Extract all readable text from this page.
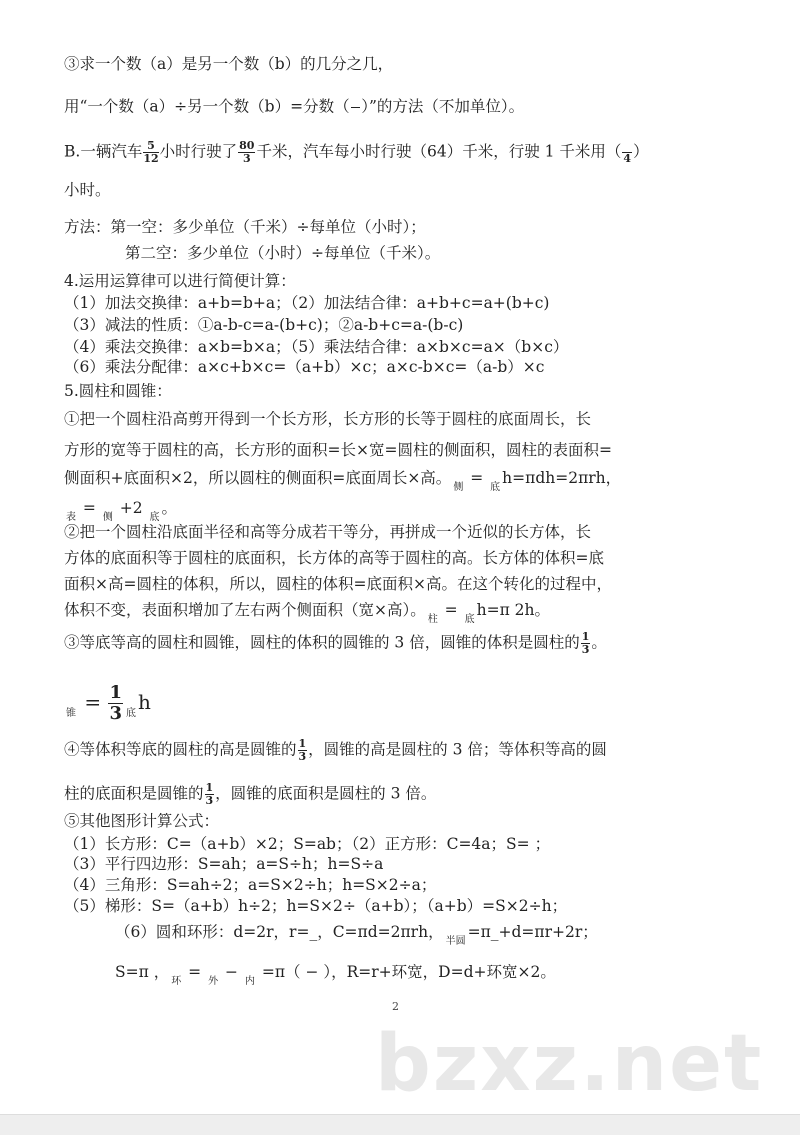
③求一个数（a）是另一个数（b）的几分之几，
用“一个数（a）÷另一个数（b）=分数（

）”的方法（不加单位）。
B.一辆汽车 $\frac{5}{12}$ 小时行驶了 $\frac{80}{3}$ 千米，汽车每小时行驶（64）千米，行驶 1 千米用（
4 ）
小时。
方法：第一空：多少单位（千米）÷每单位（小时）；
第二空：多少单位（小时）÷每单位（千米）。
4.运用运算律可以进行简便计算：
（1）加法交换律：a+b=b+a；（2）加法结合律：a+b+c=a+(b+c)
（3）减法的性质：①a-b-c=a-(b+c)；②a-b+c=a-(b-c)
（4）乘法交换律：a×b=b×a；（5）乘法结合律：a×b×c=a×（b×c）
（6）乘法分配律：a×c+b×c=（a+b）×c；a×c-b×c=（a-b）×c
5.圆柱和圆锥：
①把一个圆柱沿高剪开得到一个长方形，长方形的长等于圆柱的底面周长，长
方形的宽等于圆柱的高，长方形的面积=长×宽=圆柱的侧面积，圆柱的表面积=
侧面积+底面积×2，所以圆柱的侧面积=底面周长×高。$_侧$ = $_底$h=πdh=2πrh，
$_表$ = $_侧$ +2 $_底$。
②把一个圆柱沿底面半径和高等分成若干等分，再拼成一个近似的长方体，长
方体的底面积等于圆柱的底面积，长方体的高等于圆柱的高。长方体的体积=底
面积×高=圆柱的体积，所以，圆柱的体积=底面积×高。在这个转化的过程中，
体积不变，表面积增加了左右两个侧面积（宽×高）。$_柱$ = $_底$h=π 2h。
③等底等高的圆柱和圆锥，圆柱的体积的圆锥的 3 倍，圆锥的体积是圆柱的 $\frac{1}{3}$ 。
$_锥 = \frac{1}{3} _底$ h
④等体积等底的圆柱的高是圆锥的 $\frac{1}{3}$ ，圆锥的高是圆柱的 3 倍；等体积等高的圆
柱的底面积是圆锥的 $\frac{1}{3}$ ，圆锥的底面积是圆柱的 3 倍。
⑤其他图形计算公式：
（1）长方形：C=（a+b）×2；S=ab；（2）正方形：C=4a；S= ；
（3）平行四边形：S=ah；a=S÷h；h=S÷a
（4）三角形：S=ah÷2；a=S×2÷h；h=S×2÷a；
（5）梯形：S=（a+b）h÷2；h=S×2÷（a+b）；（a+b）=S×2÷h；
（6）圆和环形：d=2r，r=_，C=πd=2πrh，$_{半圆}$=π_+d=πr+2r；
S=π ，$_环$ = $_外$ − $_内$ =π（ − ），R=r+环宽，D=d+环宽×2。
bzxz.net
2
